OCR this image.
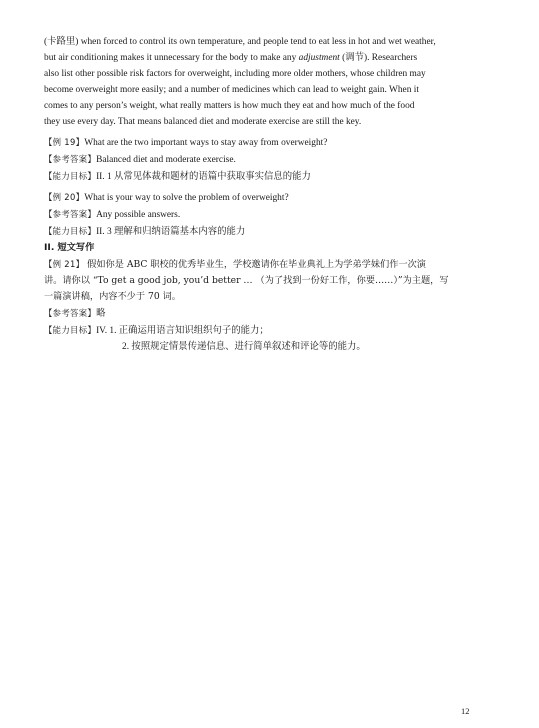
(卡路里) when forced to control its own temperature, and people tend to eat less in hot and wet weather,

but air conditioning makes it unnecessary for the body to make any adjustment (调节). Researchers

also list other possible risk factors for overweight, including more older mothers, whose children may

become overweight more easily; and a number of medicines which can lead to weight gain. When it

comes to any person’s weight, what really matters is how much they eat and how much of the food

they use every day. That means balanced diet and moderate exercise are still the key.

【例 19】What are the two important ways to stay away from overweight?

【参考答案】Balanced diet and moderate exercise.

【能力目标】II. 1 从常见体裁和题材的语篇中获取事实信息的能力

【例 20】What is your way to solve the problem of overweight?

【参考答案】Any possible answers.

【能力目标】II. 3 理解和归纳语篇基本内容的能力

II. 短文写作

【例 21】 假如你是 ABC 职校的优秀毕业生，学校邀请你在毕业典礼上为学弟学妹们作一次演

讲。请你以 “To get a good job, you’d better … （为了找到一份好工作，你要……）”为主题，写

一篇演讲稿，内容不少于 70 词。

【参考答案】略

【能力目标】IV. 1. 正确运用语言知识组织句子的能力；

2. 按照规定情景传递信息、进行简单叙述和评论等的能力。

12
